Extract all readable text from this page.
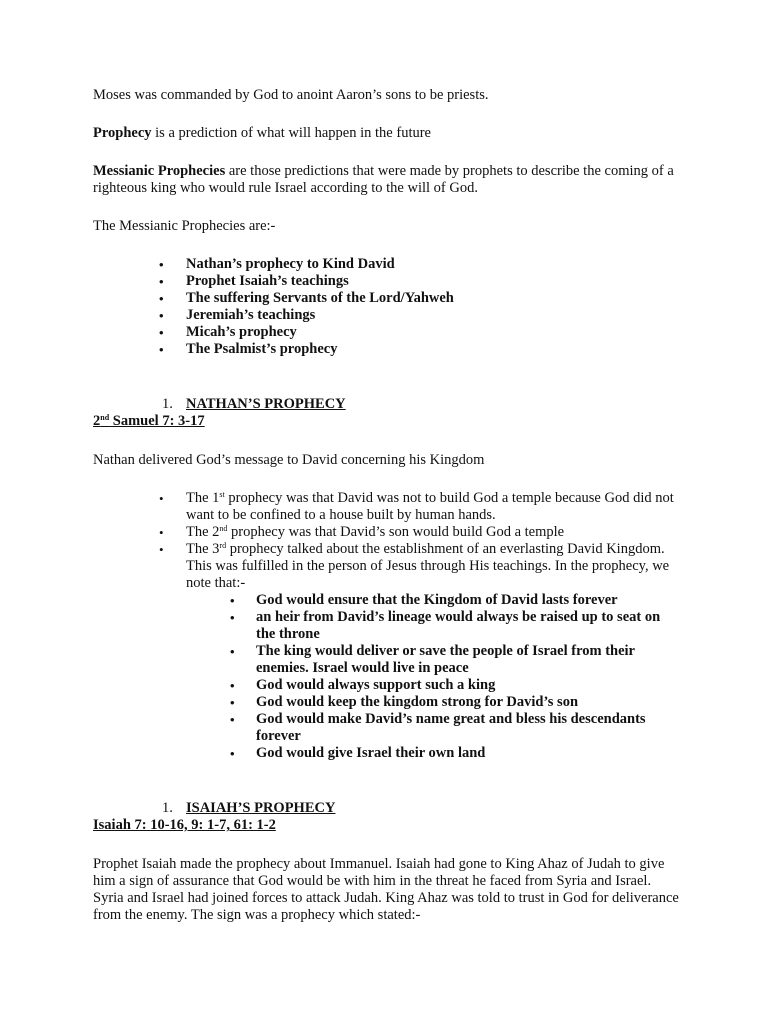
Moses was commanded by God to anoint Aaron’s sons to be priests.

Prophecy is a prediction of what will happen in the future

Messianic Prophecies are those predictions that were made by prophets to describe the coming of a righteous king who would rule Israel according to the will of God.

The Messianic Prophecies are:-

• Nathan’s prophecy to Kind David
• Prophet Isaiah’s teachings
• The suffering Servants of the Lord/Yahweh
• Jeremiah’s teachings
• Micah’s prophecy
• The Psalmist’s prophecy

1. NATHAN’S PROPHECY

2nd Samuel 7: 3-17

Nathan delivered God’s message to David concerning his Kingdom

• The 1st prophecy was that David was not to build God a temple because God did not want to be confined to a house built by human hands.
• The 2nd prophecy was that David’s son would build God a temple
• The 3rd prophecy talked about the establishment of an everlasting David Kingdom. This was fulfilled in the person of Jesus through His teachings. In the prophecy, we note that:-
• God would ensure that the Kingdom of David lasts forever
• an heir from David’s lineage would always be raised up to seat on the throne
• The king would deliver or save the people of Israel from their enemies. Israel would live in peace
• God would always support such a king
• God would keep the kingdom strong for David’s son
• God would make David’s name great and bless his descendants forever
• God would give Israel their own land

1. ISAIAH’S PROPHECY

Isaiah 7: 10-16, 9: 1-7, 61: 1-2

Prophet Isaiah made the prophecy about Immanuel. Isaiah had gone to King Ahaz of Judah to give him a sign of assurance that God would be with him in the threat he faced from Syria and Israel. Syria and Israel had joined forces to attack Judah. King Ahaz was told to trust in God for deliverance from the enemy. The sign was a prophecy which stated:-
